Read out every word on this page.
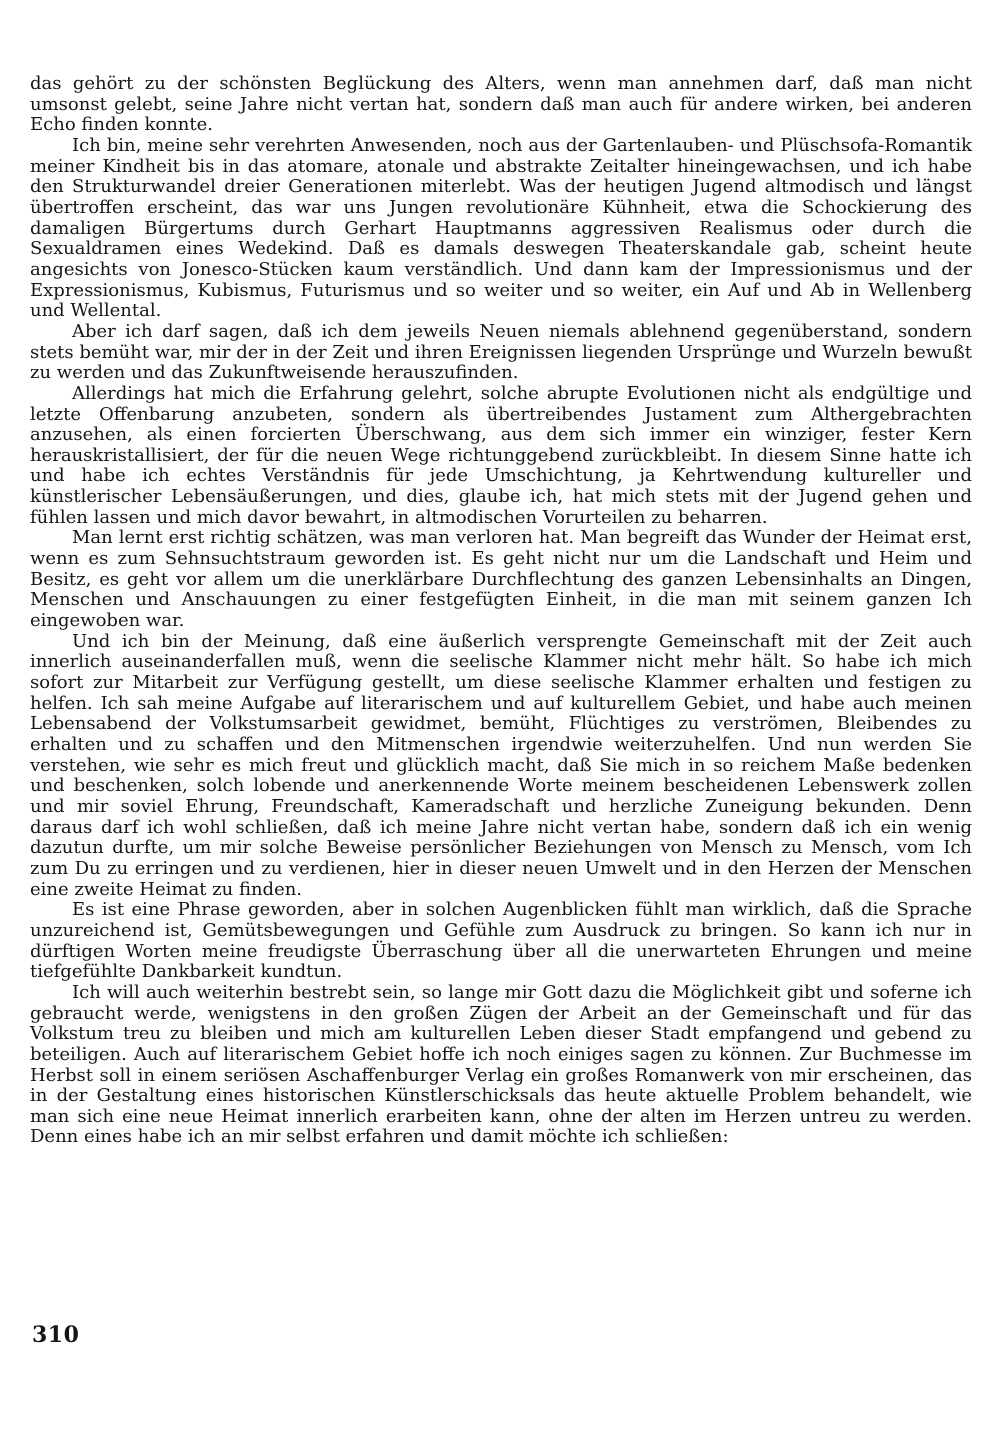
das gehört zu der schönsten Beglückung des Alters, wenn man annehmen darf, daß man nicht umsonst gelebt, seine Jahre nicht vertan hat, sondern daß man auch für andere wirken, bei anderen Echo finden konnte.

Ich bin, meine sehr verehrten Anwesenden, noch aus der Gartenlauben- und Plüschsofa-Romantik meiner Kindheit bis in das atomare, atonale und abstrakte Zeitalter hineingewachsen, und ich habe den Strukturwandel dreier Generationen miterlebt. Was der heutigen Jugend altmodisch und längst übertroffen erscheint, das war uns Jungen revolutionäre Kühnheit, etwa die Schockierung des damaligen Bürgertums durch Gerhart Hauptmanns aggressiven Realismus oder durch die Sexualdramen eines Wedekind. Daß es damals deswegen Theaterskandale gab, scheint heute angesichts von Jonesco-Stücken kaum verständlich. Und dann kam der Impressionismus und der Expressionismus, Kubismus, Futurismus und so weiter und so weiter, ein Auf und Ab in Wellenberg und Wellental.

Aber ich darf sagen, daß ich dem jeweils Neuen niemals ablehnend gegenüberstand, sondern stets bemüht war, mir der in der Zeit und ihren Ereignissen liegenden Ursprünge und Wurzeln bewußt zu werden und das Zukunftweisende herauszufinden.

Allerdings hat mich die Erfahrung gelehrt, solche abrupte Evolutionen nicht als endgültige und letzte Offenbarung anzubeten, sondern als übertreibendes Justament zum Althergebrachten anzusehen, als einen forcierten Überschwang, aus dem sich immer ein winziger, fester Kern herauskristallisiert, der für die neuen Wege richtunggebend zurückbleibt. In diesem Sinne hatte ich und habe ich echtes Verständnis für jede Umschichtung, ja Kehrtwendung kultureller und künstlerischer Lebensäußerungen, und dies, glaube ich, hat mich stets mit der Jugend gehen und fühlen lassen und mich davor bewahrt, in altmodischen Vorurteilen zu beharren.

Man lernt erst richtig schätzen, was man verloren hat. Man begreift das Wunder der Heimat erst, wenn es zum Sehnsuchtstraum geworden ist. Es geht nicht nur um die Landschaft und Heim und Besitz, es geht vor allem um die unerklärbare Durchflechtung des ganzen Lebensinhalts an Dingen, Menschen und Anschauungen zu einer festgefügten Einheit, in die man mit seinem ganzen Ich eingewoben war.

Und ich bin der Meinung, daß eine äußerlich versprengte Gemeinschaft mit der Zeit auch innerlich auseinanderfallen muß, wenn die seelische Klammer nicht mehr hält. So habe ich mich sofort zur Mitarbeit zur Verfügung gestellt, um diese seelische Klammer erhalten und festigen zu helfen. Ich sah meine Aufgabe auf literarischem und auf kulturellem Gebiet, und habe auch meinen Lebensabend der Volkstumsarbeit gewidmet, bemüht, Flüchtiges zu verströmen, Bleibendes zu erhalten und zu schaffen und den Mitmenschen irgendwie weiterzuhelfen. Und nun werden Sie verstehen, wie sehr es mich freut und glücklich macht, daß Sie mich in so reichem Maße bedenken und beschenken, solch lobende und anerkennende Worte meinem bescheidenen Lebenswerk zollen und mir soviel Ehrung, Freundschaft, Kameradschaft und herzliche Zuneigung bekunden. Denn daraus darf ich wohl schließen, daß ich meine Jahre nicht vertan habe, sondern daß ich ein wenig dazutun durfte, um mir solche Beweise persönlicher Beziehungen von Mensch zu Mensch, vom Ich zum Du zu erringen und zu verdienen, hier in dieser neuen Umwelt und in den Herzen der Menschen eine zweite Heimat zu finden.

Es ist eine Phrase geworden, aber in solchen Augenblicken fühlt man wirklich, daß die Sprache unzureichend ist, Gemütsbewegungen und Gefühle zum Ausdruck zu bringen. So kann ich nur in dürftigen Worten meine freudigste Überraschung über all die unerwarteten Ehrungen und meine tiefgefühlte Dankbarkeit kundtun.

Ich will auch weiterhin bestrebt sein, so lange mir Gott dazu die Möglichkeit gibt und soferne ich gebraucht werde, wenigstens in den großen Zügen der Arbeit an der Gemeinschaft und für das Volkstum treu zu bleiben und mich am kulturellen Leben dieser Stadt empfangend und gebend zu beteiligen. Auch auf literarischem Gebiet hoffe ich noch einiges sagen zu können. Zur Buchmesse im Herbst soll in einem seriösen Aschaffenburger Verlag ein großes Romanwerk von mir erscheinen, das in der Gestaltung eines historischen Künstlerschicksals das heute aktuelle Problem behandelt, wie man sich eine neue Heimat innerlich erarbeiten kann, ohne der alten im Herzen untreu zu werden. Denn eines habe ich an mir selbst erfahren und damit möchte ich schließen:

310
